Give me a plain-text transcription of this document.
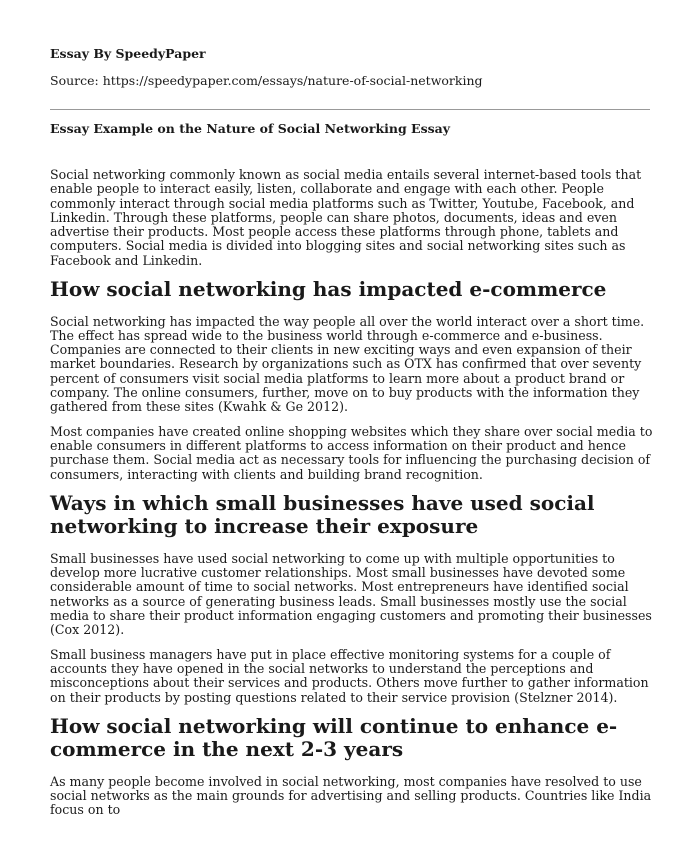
Essay By SpeedyPaper

Source: https://speedypaper.com/essays/nature-of-social-networking

Essay Example on the Nature of Social Networking Essay

Social networking commonly known as social media entails several internet-based tools that enable people to interact easily, listen, collaborate and engage with each other. People commonly interact through social media platforms such as Twitter, Youtube, Facebook, and Linkedin. Through these platforms, people can share photos, documents, ideas and even advertise their products. Most people access these platforms through phone, tablets and computers. Social media is divided into blogging sites and social networking sites such as Facebook and Linkedin.

How social networking has impacted e-commerce

Social networking has impacted the way people all over the world interact over a short time. The effect has spread wide to the business world through e-commerce and e-business. Companies are connected to their clients in new exciting ways and even expansion of their market boundaries. Research by organizations such as OTX has confirmed that over seventy percent of consumers visit social media platforms to learn more about a product brand or company. The online consumers, further, move on to buy products with the information they gathered from these sites (Kwahk & Ge 2012).

Most companies have created online shopping websites which they share over social media to enable consumers in different platforms to access information on their product and hence purchase them. Social media act as necessary tools for influencing the purchasing decision of consumers, interacting with clients and building brand recognition.

Ways in which small businesses have used social networking to increase their exposure

Small businesses have used social networking to come up with multiple opportunities to develop more lucrative customer relationships. Most small businesses have devoted some considerable amount of time to social networks. Most entrepreneurs have identified social networks as a source of generating business leads. Small businesses mostly use the social media to share their product information engaging customers and promoting their businesses (Cox 2012).

Small business managers have put in place effective monitoring systems for a couple of accounts they have opened in the social networks to understand the perceptions and misconceptions about their services and products. Others move further to gather information on their products by posting questions related to their service provision (Stelzner 2014).

How social networking will continue to enhance e-commerce in the next 2-3 years

As many people become involved in social networking, most companies have resolved to use social networks as the main grounds for advertising and selling products. Countries like India focus on to
